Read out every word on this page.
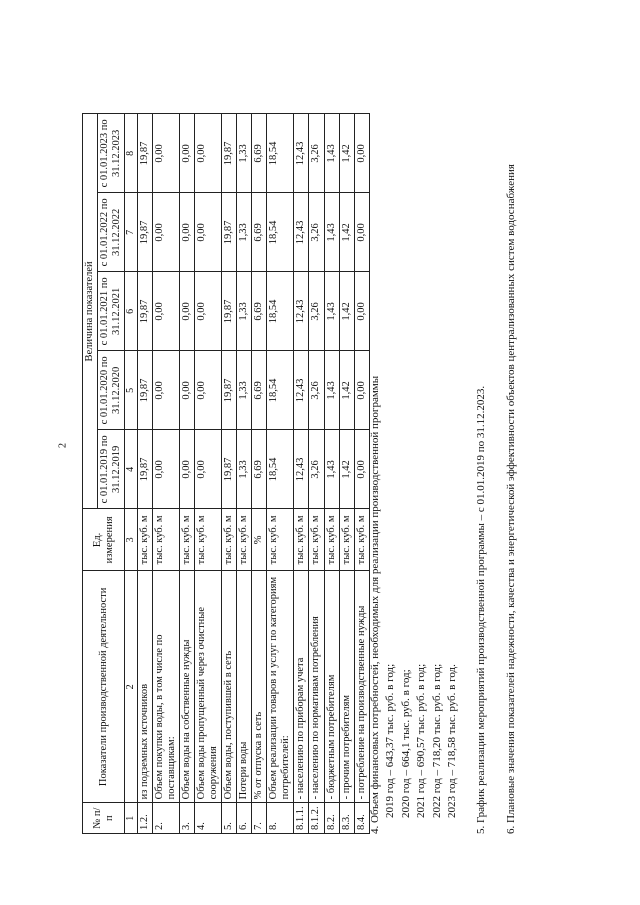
2
№ п/п	Показатели производственной деятельности	Ед. измерения	Величина показателей				
			с 01.01.2019 по 31.12.2019	с 01.01.2020 по 31.12.2020	с 01.01.2021 по 31.12.2021	с 01.01.2022 по 31.12.2022	с 01.01.2023 по 31.12.2023
1	2	3	4	5	6	7	8
1.2.	из подземных источников	тыс. куб. м	19,87	19,87	19,87	19,87	19,87
2.	Объем покупки воды, в том числе по поставщикам:	тыс. куб. м	0,00	0,00	0,00	0,00	0,00
3.	Объем воды на собственные нужды	тыс. куб. м	0,00	0,00	0,00	0,00	0,00
4.	Объем воды пропущенный через очистные сооружения	тыс. куб. м	0,00	0,00	0,00	0,00	0,00
5.	Объем воды, поступившей в сеть	тыс. куб. м	19,87	19,87	19,87	19,87	19,87
6.	Потери воды	тыс. куб. м	1,33	1,33	1,33	1,33	1,33
7.	% от отпуска в сеть	%	6,69	6,69	6,69	6,69	6,69
8.	Объем реализации товаров и услуг по категориям потребителей:	тыс. куб. м	18,54	18,54	18,54	18,54	18,54
8.1.1.	- населению по приборам учета	тыс. куб. м	12,43	12,43	12,43	12,43	12,43
8.1.2.	- населению по нормативам потребления	тыс. куб. м	3,26	3,26	3,26	3,26	3,26
8.2.	- бюджетным потребителям	тыс. куб. м	1,43	1,43	1,43	1,43	1,43
8.3.	- прочим потребителям	тыс. куб. м	1,42	1,42	1,42	1,42	1,42
8.4.	- потребление на производственные нужды	тыс. куб. м	0,00	0,00	0,00	0,00	0,00

4. Объем финансовых потребностей, необходимых для реализации производственной программы 2019 год – 643,37 тыс. руб. в год; 2020 год – 664,1 тыс. руб. в год; 2021 год – 690,57 тыс. руб. в год; 2022 год – 718,20 тыс. руб. в год; 2023 год – 718,58 тыс. руб. в год. 5. График реализации мероприятий производственной программы – с 01.01.2019 по 31.12.2023. 6. Плановые значения показателей надежности, качества и энергетической эффективности объектов централизованных систем водоснабжения
